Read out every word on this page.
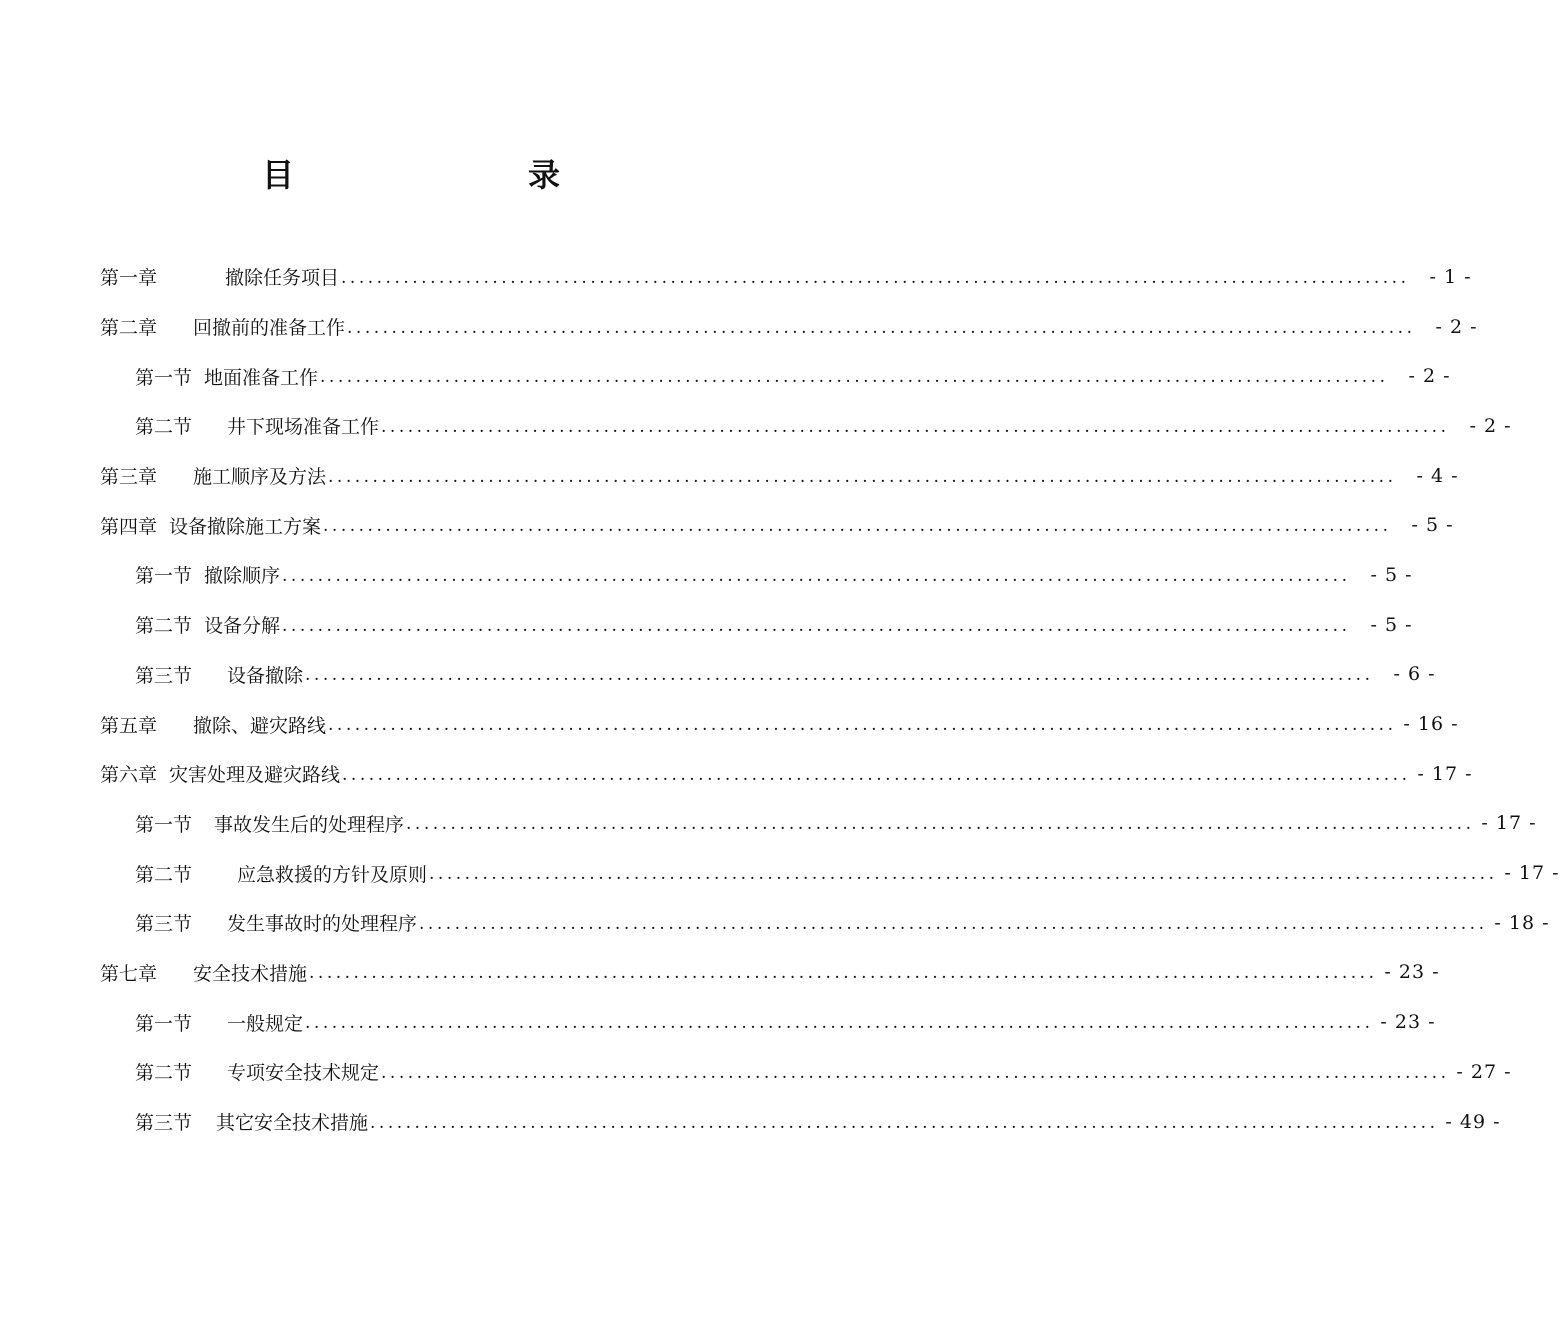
目	录
第一章	撤除任务项目 ........................................................................................................................	- 1 -
第二章 回撤前的准备工作 ........................................................................................................................	- 2 -
第一节 地面准备工作 ........................................................................................................................	- 2 -
第二节 井下现场准备工作 ........................................................................................................................	- 2 -
第三章 施工顺序及方法 ........................................................................................................................	- 4 -
第四章 设备撤除施工方案 ........................................................................................................................	- 5 -
第一节 撤除顺序 ........................................................................................................................	- 5 -
第二节 设备分解 ........................................................................................................................	- 5 -
第三节 设备撤除 ........................................................................................................................	- 6 -
第五章 撤除、避灾路线 ........................................................................................................................ - 16 -
第六章 灾害处理及避灾路线 ........................................................................................................................ - 17 -
第一节 事故发生后的处理程序 ........................................................................................................................ - 17 -
第二节 应急救援的方针及原则 ........................................................................................................................ - 17 -
第三节 发生事故时的处理程序 ........................................................................................................................ - 18 -
第七章 安全技术措施 ........................................................................................................................ - 23 -
第一节 一般规定 ........................................................................................................................ - 23 -
第二节 专项安全技术规定 ........................................................................................................................ - 27 -
第三节 其它安全技术措施 ........................................................................................................................ - 49 -
